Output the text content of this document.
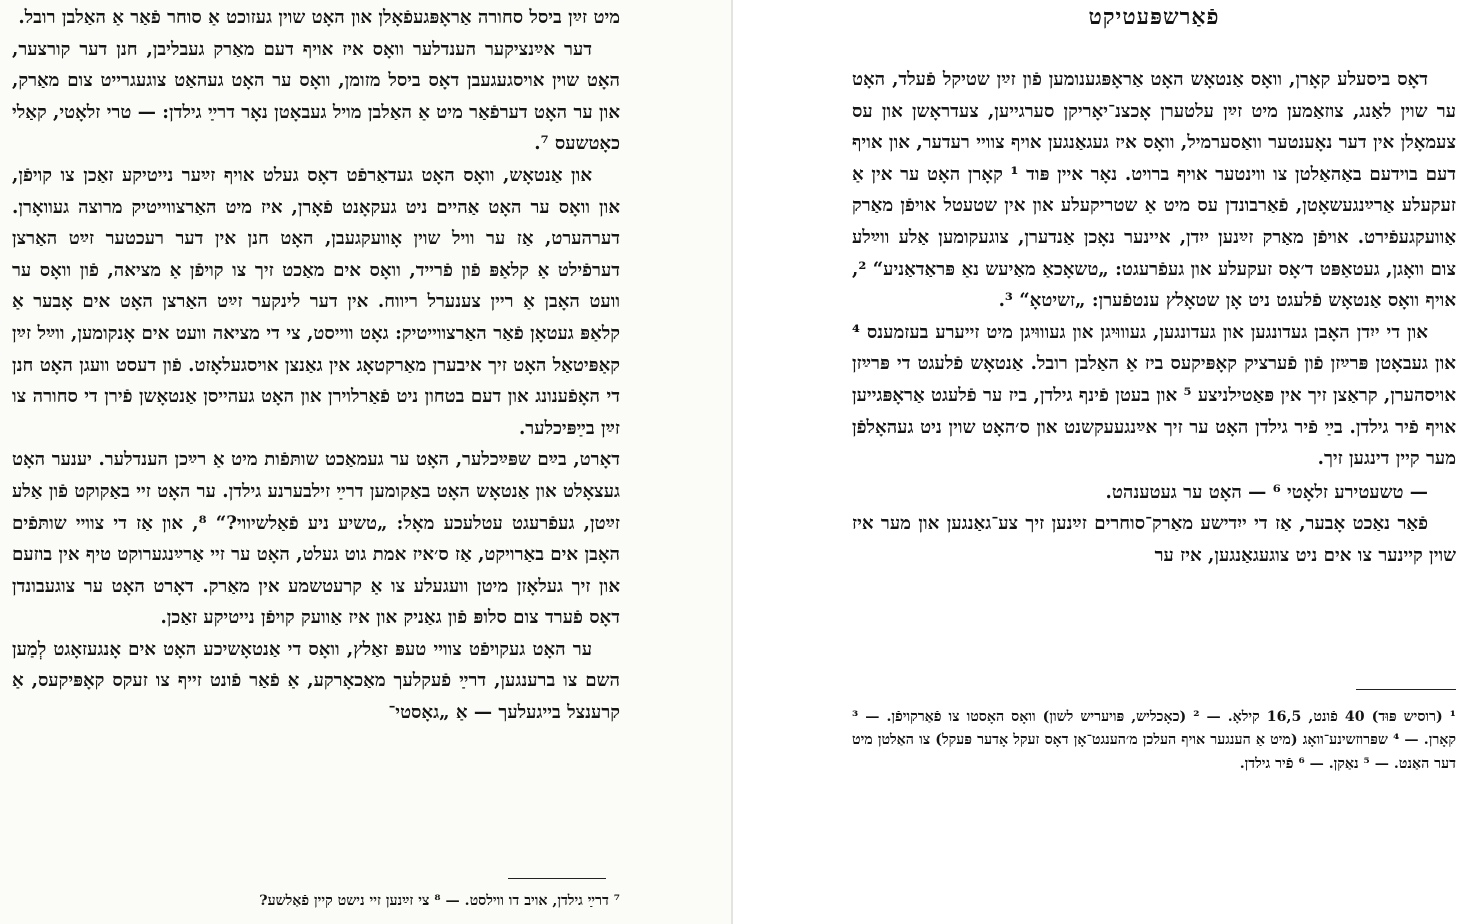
מיט זײַן ביסל סחורה אַראָפּגעפֿאָלן און האָט שוין געזוכט אַ סוחר פֿאַר אַ האַלבן רובל.

דער אײַנציקער הענדלער וואָס איז אויף דעם מאַרק געבליבן, חנן דער קורצער, האָט שוין אויסגעגעבן דאָס ביסל מזומן, וואָס ער האָט געהאַט צוגעגרייט צום מאַרק, און ער האָט דערפֿאַר מיט אַ האַלבן מויל געבאָטן נאָר דרײַ גילדן: — טרי זלאָטי, קאַלי כאָטשעס ⁷.

און אַנטאָש, וואָס האָט געדאַרפֿט דאָס געלט אויף זײַער נייטיקע זאַכן צו קויפֿן, און וואָס ער האָט אַהיים ניט געקאָנט פֿאָרן, איז מיט האַרצווייטיק מרוצה געוואָרן. דערהערט, אַז ער וויל שוין אָוועקגעבן, האָט חנן אין דער רעכטער זײַט האַרצן דערפֿילט אַ קלאַפּ פֿון פֿרייד, וואָס אים מאַכט זיך צו קויפֿן אַ מציאה, פֿון וואָס ער וועט האָבן אַ ריין צענערל ריווח. אין דער לינקער זײַט האַרצן האָט אים אָבער אַ קלאַפּ געטאָן פֿאַר האַרצווייטיק: גאָט ווייסט, צי די מציאה וועט אים אָנקומען, ווײַל זײַן קאַפּיטאַל האָט זיך איבערן מאַרקטאָג אין גאַנצן אויסגעלאָזט. פֿון דעסט וועגן האָט חנן די האָפֿענונג און דעם בטחון ניט פֿאַרלוירן און האָט געהייסן אַנטאָשן פֿירן די סחורה צו זײַן בײַפּיכלער.

דאָרט, בײַם שפּײַכלער, האָט ער געמאַכט שותּפֿות מיט אַ רײַכן הענדלער. יענער האָט געצאָלט און אַנטאָש האָט באַקומען דרײַ זילבערנע גילדן. ער האָט זיי באַקוקט פֿון אַלע זײַטן, געפֿרעגט עטלעכע מאָל: „טשיע ניע פֿאַלשיווי?“ ⁸, און אַז די צוויי שותּפֿים האָבן אים באַרויקט, אַז ס׳איז אמת גוט געלט, האָט ער זיי אַרײַנגערוקט טיף אין בוזעם און זיך געלאָזן מיטן וועגעלע צו אַ קרעטשמע אין מאַרק. דאָרט האָט ער צוגעבונדן דאָס פֿערד צום סלופּ פֿון גאַניק און איז אַוועק קויפֿן נייטיקע זאַכן.

ער האָט געקויפֿט צוויי טעפּ זאַלץ, וואָס די אַנטאָשיכע האָט אים אָנגעזאָגט לְמַען השם צו ברענגען, דרײַ פֿעקלעך מאַכאָרקע, אַ פֿאַר פֿונט זייף צו זעקס קאָפּיקעס, אַ קרענצל בייגעלעך — אַ „גאָסטי־

⁷ דרײַ גילדן, אויב דו ווילסט. — ⁸ צי זײַנען זיי נישט קיין פֿאַלשע?
פֿאַרשפּעטיקט

דאָס ביסעלע קאָרן, וואָס אַנטאָש האָט אַראָפּגענומען פֿון זײַן שטיקל פֿעלד, האָט ער שוין לאַנג, צוזאַמען מיט זײַן עלטערן אָכצנ־יאָריקן סערגייען, צעדראָשן און עס צעמאָלן אין דער נאָענטער וואַסערמיל, וואָס איז געגאַנגען אויף צוויי רעדער, און אויף דעם בוידעם באַהאַלטן צו ווינטער אויף ברויט. נאָר איין פּוד ¹ קאָרן האָט ער אין אַ זעקעלע אַרײַנגעשאָטן, פֿאַרבונדן עס מיט אַ שטריקעלע און אין שטעטל אויפֿן מאַרק אַוועקגעפֿירט. אויפֿן מאַרק זײַנען ייִדן, איינער נאָכן אַנדערן, צוגעקומען אַלע ווײַלע צום וואָגן, געטאַפּט ד׳אָס זעקעלע און געפֿרעגט: „טשאָכאַ מאַיעש נאַ פּראַדאַניע“ ², אויף וואָס אַנטאָש פֿלעגט ניט אָן שטאָלץ ענטפֿערן: „זשיטאָ“ ³.

און די ייִדן האָבן געדונגען און געדונגען, געוווּיגן און געוווּיגן מיט זייערע בעזמענס ⁴ און געבאָטן פּרײַזן פֿון פֿערציק קאָפּיקעס ביז אַ האַלבן רובל. אַנטאָש פֿלעגט די פּרײַזן אויסהערן, קראַצן זיך אין פּאַטילניצע ⁵ און בעטן פֿינף גילדן, ביז ער פֿלעגט אַראָפּגייען אויף פֿיר גילדן. בײַ פֿיר גילדן האָט ער זיך אײַנגעעקשנט און ס׳האָט שוין ניט געהאָלפֿן מער קיין דינגען זיך.

— טשעטירע זלאָטי ⁶ — האָט ער געטענהט.

פֿאַר נאַכט אָבער, אַז די ייִדישע מאַרק־סוחרים זײַנען זיך צע־גאַנגען און מער איז שוין קיינער צו אים ניט צוגעגאַנגען, איז ער

¹ (רוסיש פּוּד) 40 פֿונט, 16,5 קילאָ. — ² (כאָכליש, פּויעריש לשון) וואָס האָסטו צו פֿאַרקויפֿן. — ³ קאָרן. — ⁴ שפּרוזשינע־וואָג (מיט אַ הענגער אויף העלכן מ׳הענגט־אָן דאָס זעקל אָדער פּעקל) צו האַלטן מיט דער האַנט. — ⁵ נאַקן. — ⁶ פֿיר גילדן.
